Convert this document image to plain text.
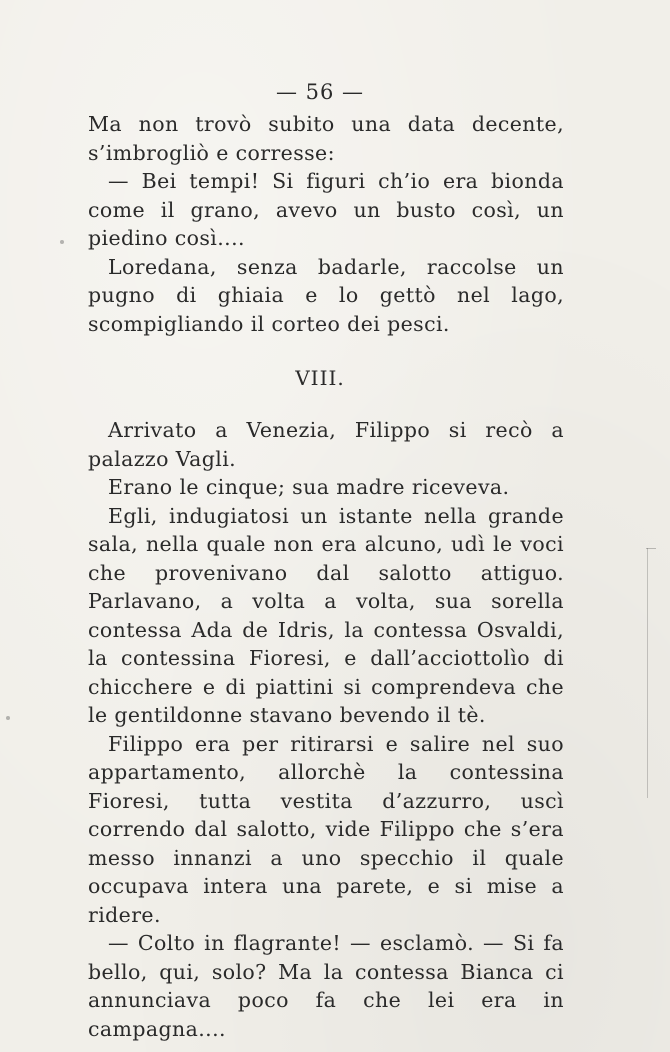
— 56 —

Ma non trovò subito una data decente, s’imbrogliò e corresse:

— Bei tempi! Si figuri ch’io era bionda come il grano, avevo un busto così, un piedino così....

Loredana, senza badarle, raccolse un pugno di ghiaia e lo gettò nel lago, scompigliando il corteo dei pesci.

VIII.

Arrivato a Venezia, Filippo si recò a palazzo Vagli.

Erano le cinque; sua madre riceveva.

Egli, indugiatosi un istante nella grande sala, nella quale non era alcuno, udì le voci che provenivano dal salotto attiguo. Parlavano, a volta a volta, sua sorella contessa Ada de Idris, la contessa Osvaldi, la contessina Fioresi, e dall’acciottolìo di chicchere e di piattini si comprendeva che le gentildonne stavano bevendo il tè.

Filippo era per ritirarsi e salire nel suo appartamento, allorchè la contessina Fioresi, tutta vestita d’azzurro, uscì correndo dal salotto, vide Filippo che s’era messo innanzi a uno specchio il quale occupava intera una parete, e si mise a ridere.

— Colto in flagrante! — esclamò. — Si fa bello, qui, solo? Ma la contessa Bianca ci annunciava poco fa che lei era in campagna....
